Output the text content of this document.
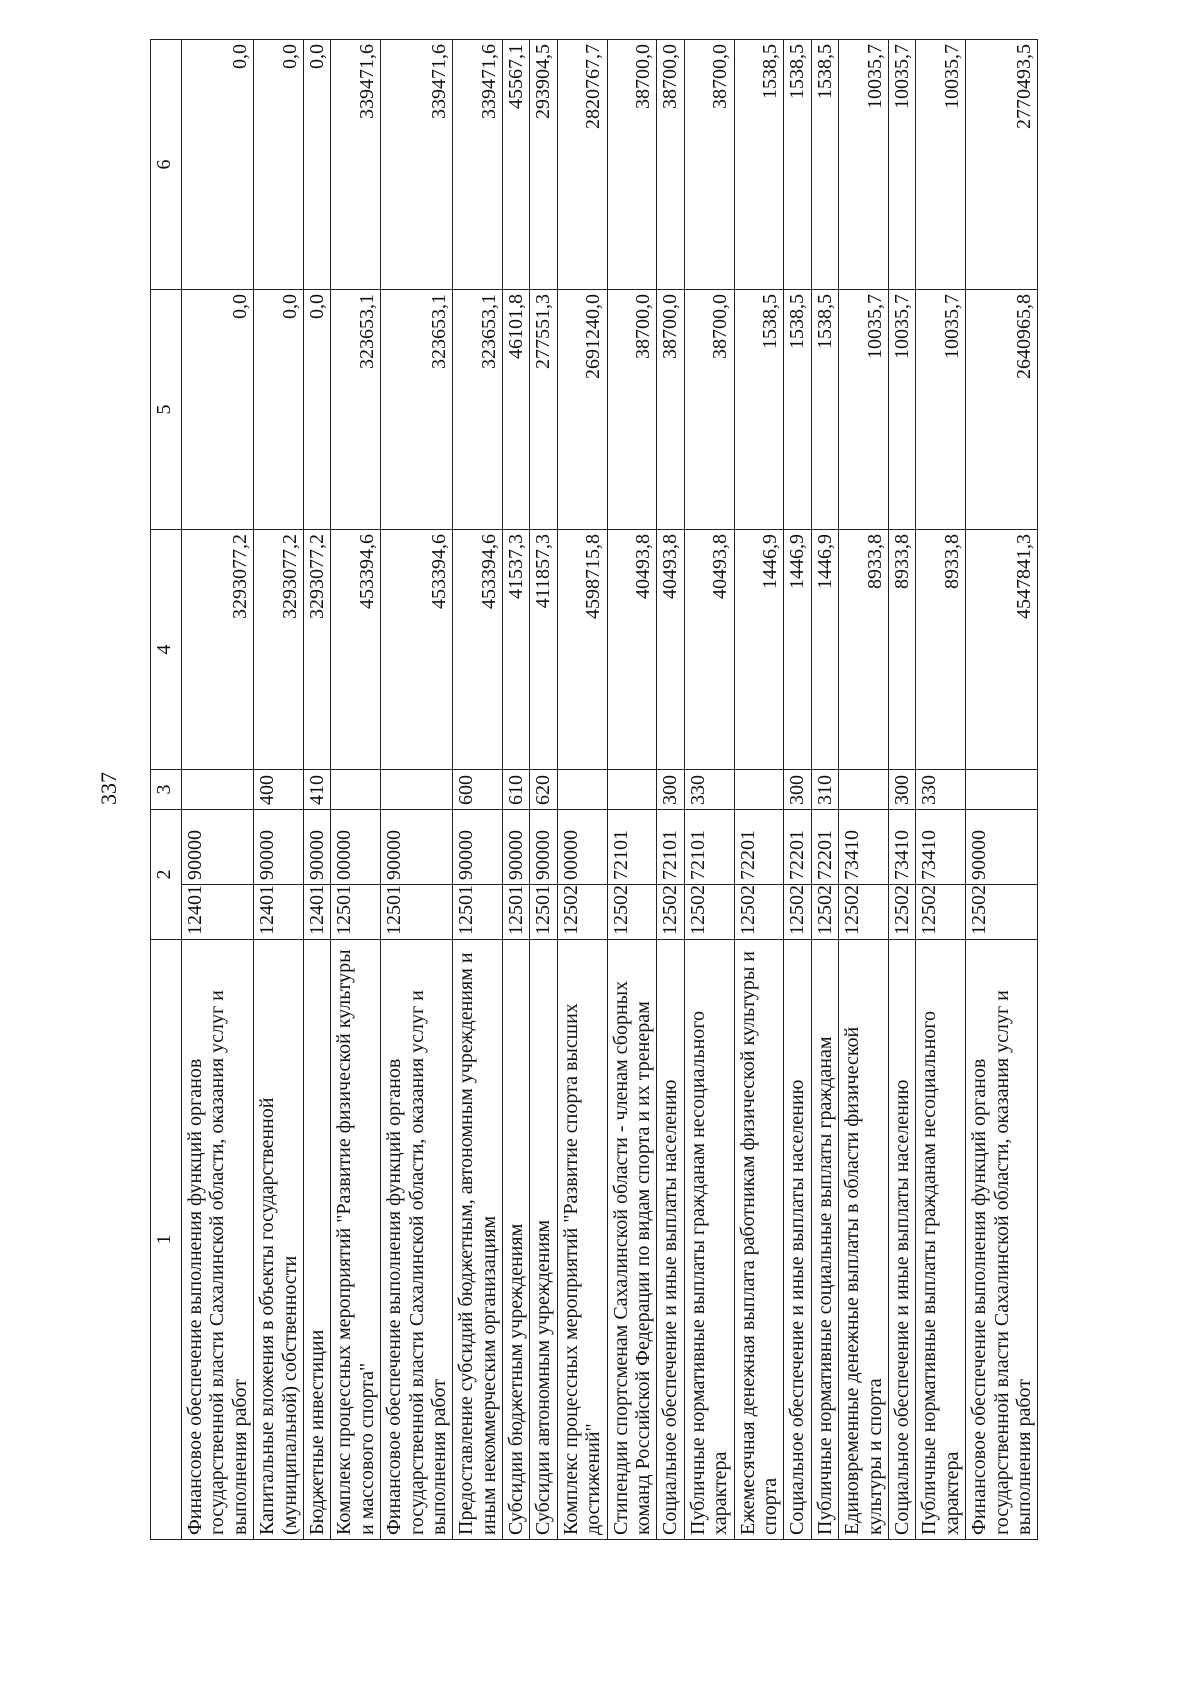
337
1	2		3	4	5	6
Финансовое обеспечение выполнения функций органов государственной власти Сахалинской области, оказания услуг и выполнения работ	12401	90000		3293077,2	0,0	0,0
Капитальные вложения в объекты государственной (муниципальной) собственности	12401	90000	400	3293077,2	0,0	0,0
Бюджетные инвестиции	12401	90000	410	3293077,2	0,0	0,0
Комплекс процессных мероприятий "Развитие физической культуры и массового спорта"	12501	00000		453394,6	323653,1	339471,6
Финансовое обеспечение выполнения функций органов государственной власти Сахалинской области, оказания услуг и выполнения работ	12501	90000		453394,6	323653,1	339471,6
Предоставление субсидий бюджетным, автономным учреждениям и иным некоммерческим организациям	12501	90000	600	453394,6	323653,1	339471,6
Субсидии бюджетным учреждениям	12501	90000	610	41537,3	46101,8	45567,1
Субсидии автономным учреждениям	12501	90000	620	411857,3	277551,3	293904,5
Комплекс процессных мероприятий "Развитие спорта высших достижений"	12502	00000		4598715,8	2691240,0	2820767,7
Стипендии спортсменам Сахалинской области - членам сборных команд Российской Федерации по видам спорта и их тренерам	12502	72101		40493,8	38700,0	38700,0
Социальное обеспечение и иные выплаты населению	12502	72101	300	40493,8	38700,0	38700,0
Публичные нормативные выплаты гражданам несоциального характера	12502	72101	330	40493,8	38700,0	38700,0
Ежемесячная денежная выплата работникам физической культуры и спорта	12502	72201		1446,9	1538,5	1538,5
Социальное обеспечение и иные выплаты населению	12502	72201	300	1446,9	1538,5	1538,5
Публичные нормативные социальные выплаты гражданам	12502	72201	310	1446,9	1538,5	1538,5
Единовременные денежные выплаты в области физической культуры и спорта	12502	73410		8933,8	10035,7	10035,7
Социальное обеспечение и иные выплаты населению	12502	73410	300	8933,8	10035,7	10035,7
Публичные нормативные выплаты гражданам несоциального характера	12502	73410	330	8933,8	10035,7	10035,7
Финансовое обеспечение выполнения функций органов государственной власти Сахалинской области, оказания услуг и выполнения работ	12502	90000		4547841,3	2640965,8	2770493,5
